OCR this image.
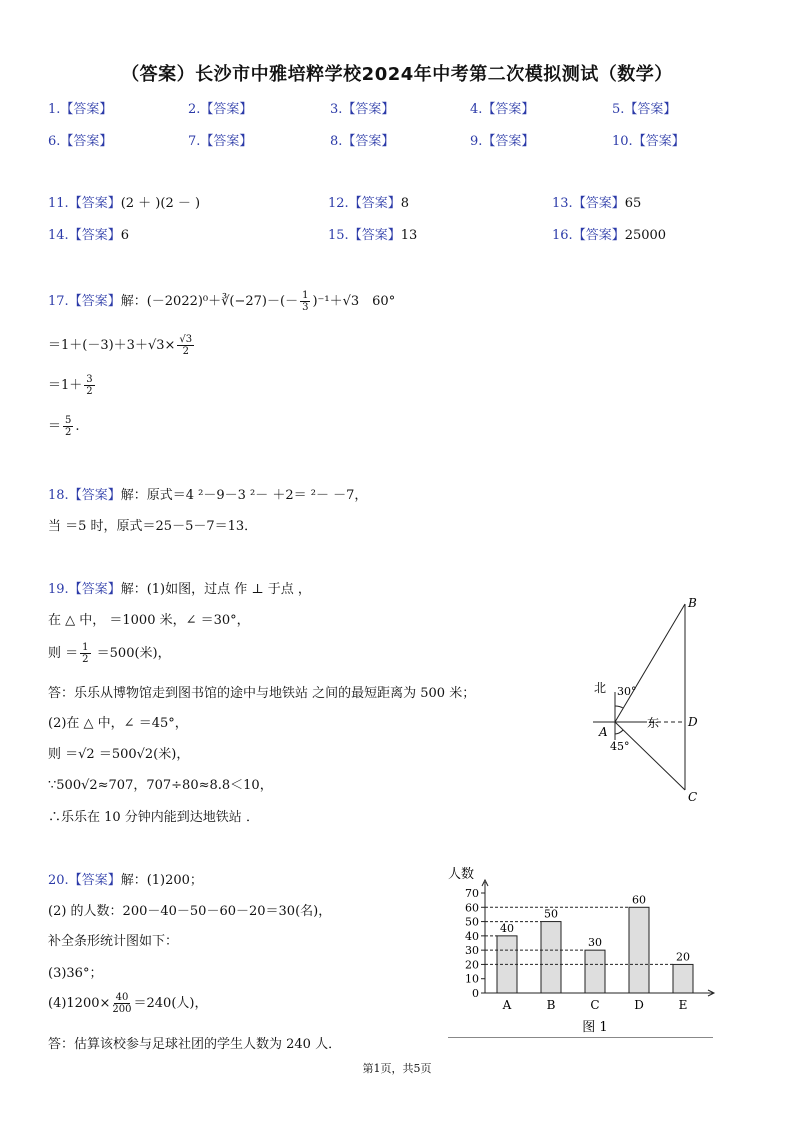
（答案）长沙市中雅培粹学校2024年中考第二次模拟测试（数学）
1.【答案】	2.【答案】	3.【答案】	4.【答案】	5.【答案】
6.【答案】	7.【答案】	8.【答案】	9.【答案】	10.【答案】
11.【答案】(2 ＋ )(2 － )	12.【答案】8	13.【答案】65
14.【答案】6	15.【答案】13	16.【答案】25000
17.【答案】解：(－2022)⁰＋∛(−27)－(－ $\frac{1}{3} )^{-1}+√3$　60°
$=1+(-3)+3+√3\times \frac{√3}{2}$
$=1+ \frac{3}{2}$
＝ $\frac{5}{2}$ .
18.【答案】解：原式＝4 ²－9－3 ²－ ＋2＝ ²－ －7，
当 ＝5 时，原式＝25－5－7＝13．
19.【答案】解：(1)如图，过点 作 ⊥ 于点 ，
在 △ 中， ＝1000 米，∠ ＝30°，
则 ＝ $\frac{1}{2} =500$(米)，
答：乐乐从博物馆走到图书馆的途中与地铁站 之间的最短距离为 500 米；
(2)在 △ 中，∠ ＝45°，
则 ＝√2 ＝500√2(米)，
∵500√2≈707，707÷80≈8.8＜10，
∴乐乐在 10 分钟内能到达地铁站 ．
B
D
C
A
北
东
30°
45°
20.【答案】解：(1)200；
(2) 的人数：200－40－50－60－20＝30(名)，
补全条形统计图如下：
(3)36°；
$(4)1200\times \frac{40}{200} =240$(人)，
答：估算该校参与足球社团的学生人数为 240 人．
人数
0
10
20
30
40
50
60
70
40
A
50
B
30
C
60
D
20
E
图 1
第1页，共5页
